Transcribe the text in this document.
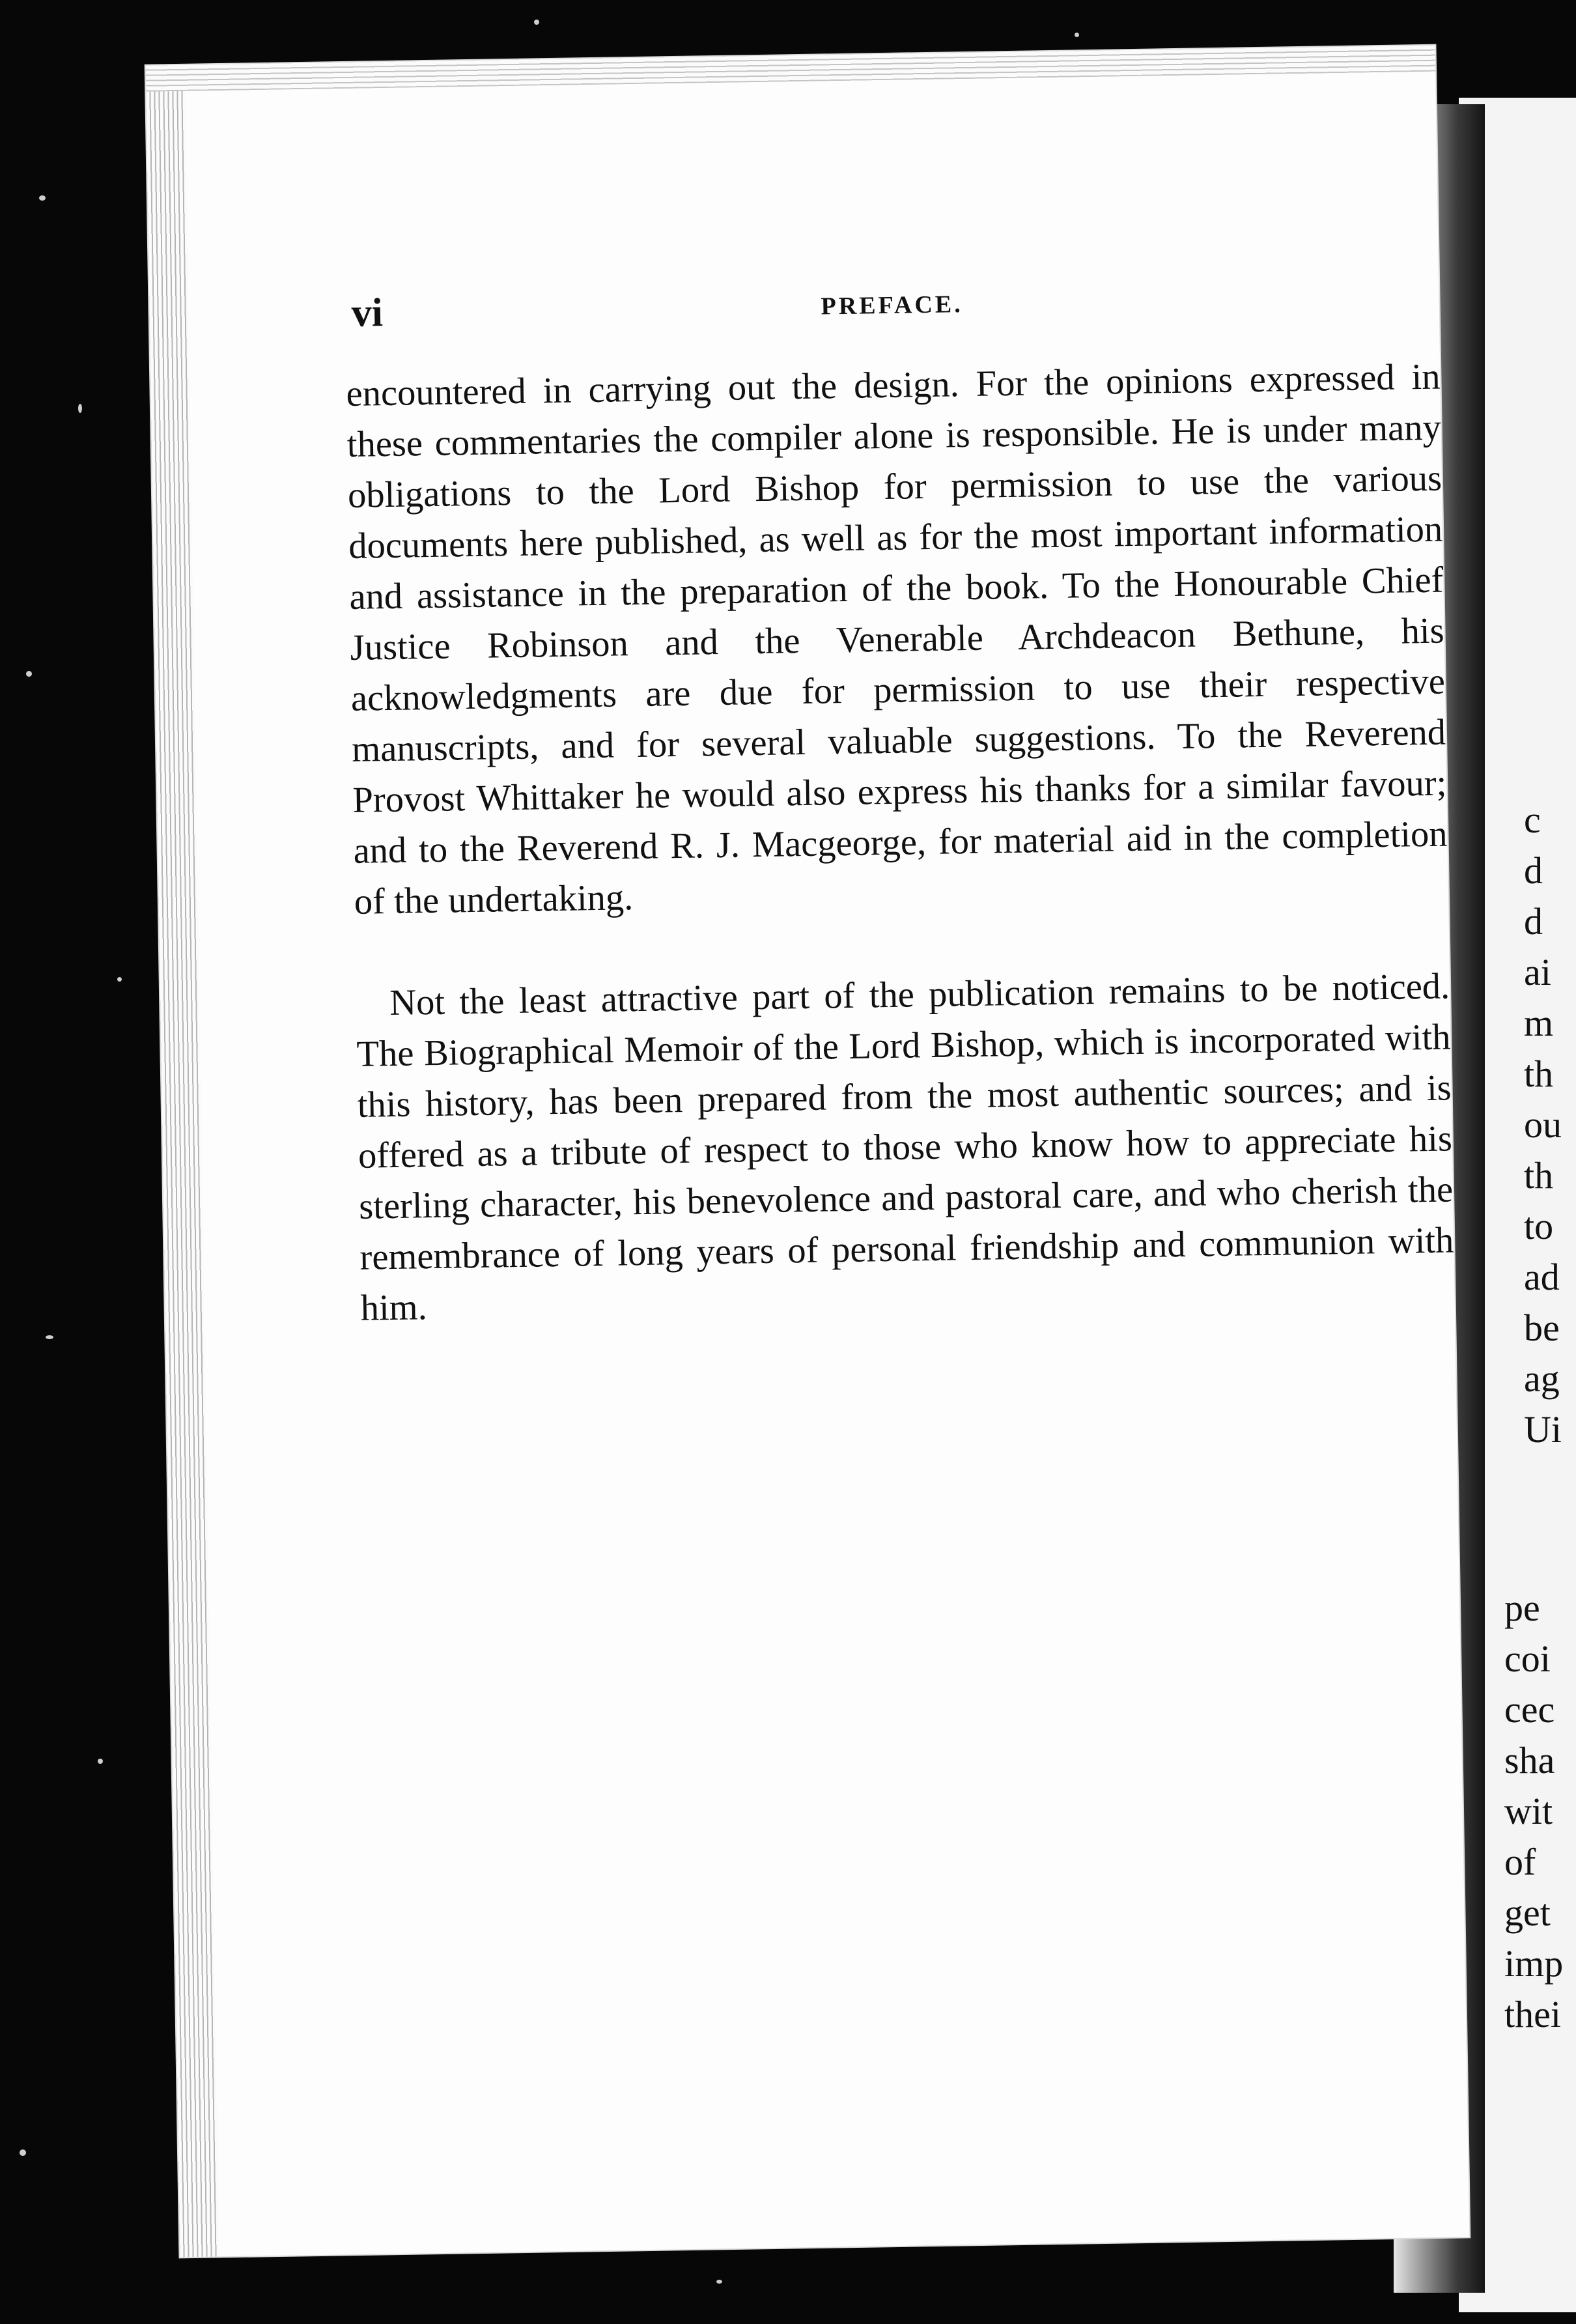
c
d
d
ai
m
th
ou
th
to
ad
be
ag
Ui
pe
coi
cec
sha
wit
of
get
imp
thei
vi	PREFACE.

encountered in carrying out the design. For the opinions expressed in these commentaries the compiler alone is responsible. He is under many obligations to the Lord Bishop for permission to use the various documents here published, as well as for the most important information and assistance in the preparation of the book. To the Honourable Chief Justice Robinson and the Venerable Archdeacon Bethune, his acknowledgments are due for permission to use their respective manuscripts, and for several valuable suggestions. To the Reverend Provost Whittaker he would also express his thanks for a similar favour; and to the Reverend R. J. Macgeorge, for material aid in the completion of the undertaking.

Not the least attractive part of the publication remains to be noticed. The Biographical Memoir of the Lord Bishop, which is incorporated with this history, has been prepared from the most authentic sources; and is offered as a tribute of respect to those who know how to appreciate his sterling character, his benevolence and pastoral care, and who cherish the remembrance of long years of personal friendship and communion with him.
